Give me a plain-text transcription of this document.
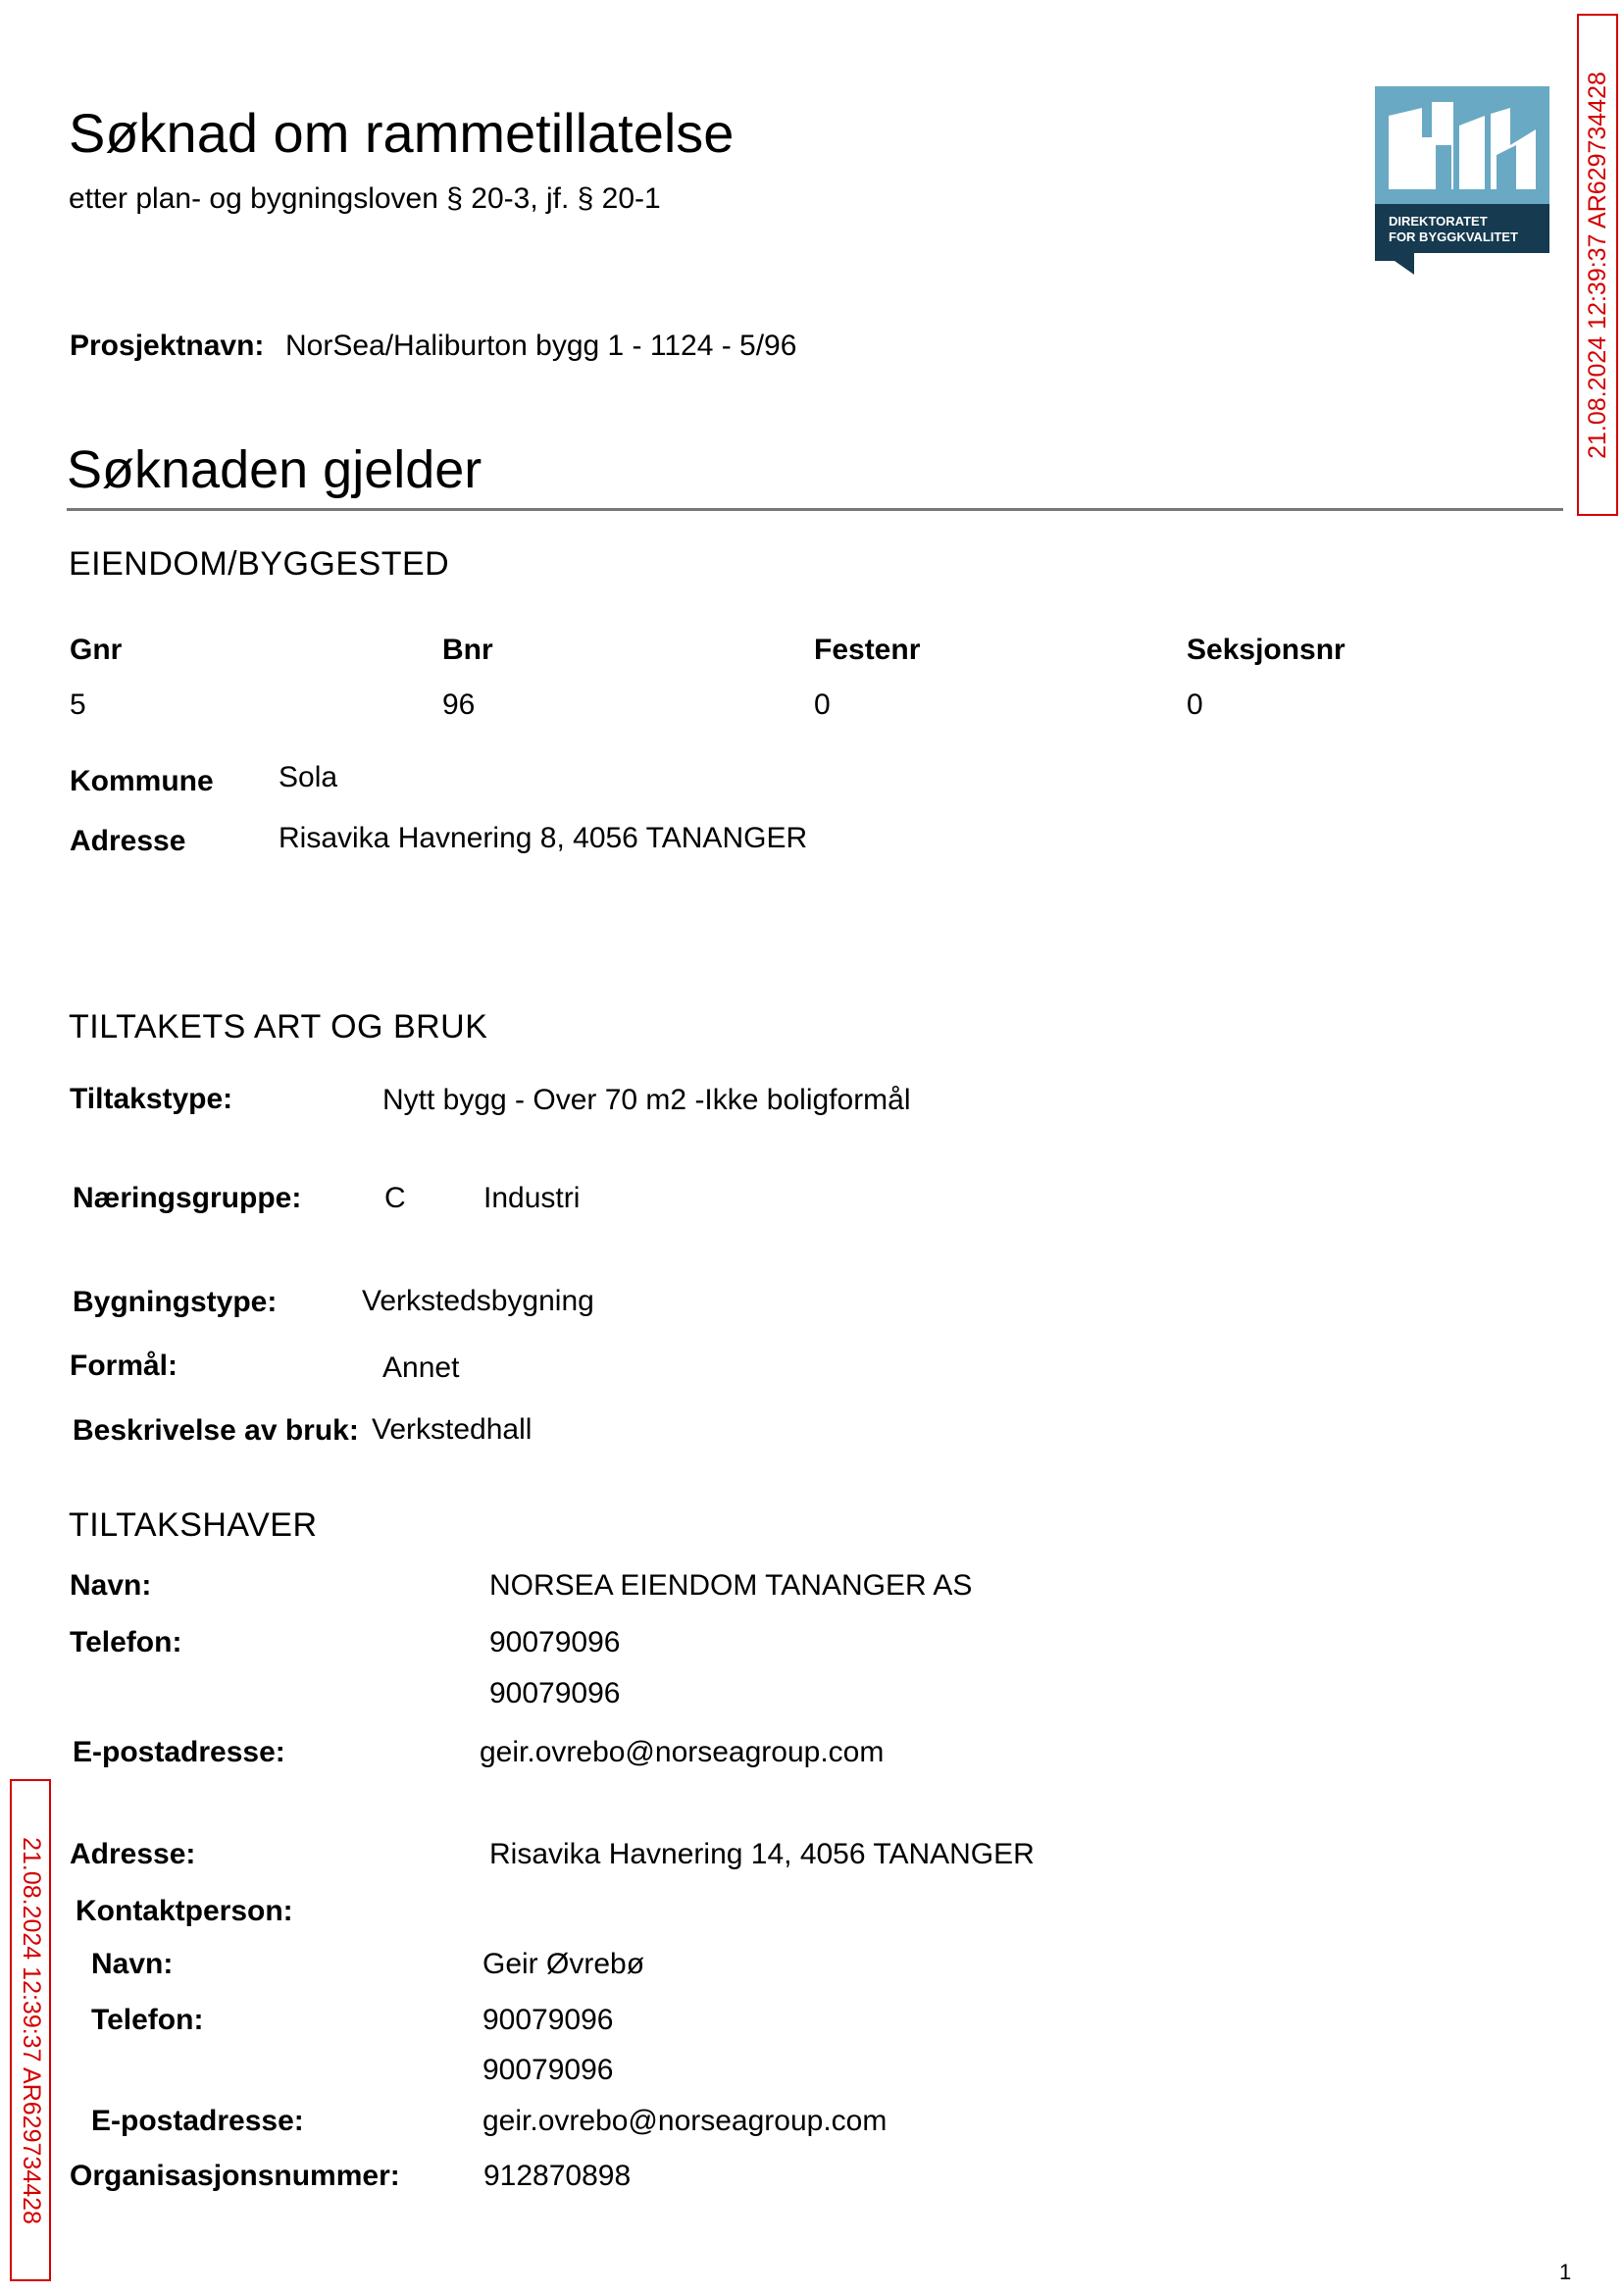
Søknad om rammetillatelse
etter plan- og bygningsloven § 20-3, jf. § 20-1
DIREKTORATET
FOR BYGGKVALITET	21.08.2024 12:39:37 AR629734428
21.08.2024 12:39:37 AR629734428
Prosjektnavn: NorSea/Haliburton bygg 1 - 1124 - 5/96
Søknaden gjelder
EIENDOM/BYGGESTED
Gnr	Bnr	Festenr	Seksjonsnr
5	96	0	0
Kommune Sola
Adresse	Risavika Havnering 8, 4056 TANANGER
TILTAKETS ART OG BRUK
Tiltakstype:	Nytt bygg - Over 70 m2 -Ikke boligformål
Næringsgruppe:	C	Industri
Bygningstype:	Verkstedsbygning
Formål:	Annet
Beskrivelse av bruk: Verkstedhall
TILTAKSHAVER
Navn:	NORSEA EIENDOM TANANGER AS
Telefon:	90079096
90079096
E-postadresse:	geir.ovrebo@norseagroup.com
Adresse:	Risavika Havnering 14, 4056 TANANGER
Kontaktperson:
Navn:	Geir Øvrebø
Telefon:	90079096
90079096
E-postadresse:	geir.ovrebo@norseagroup.com
Organisasjonsnummer:	912870898
1
